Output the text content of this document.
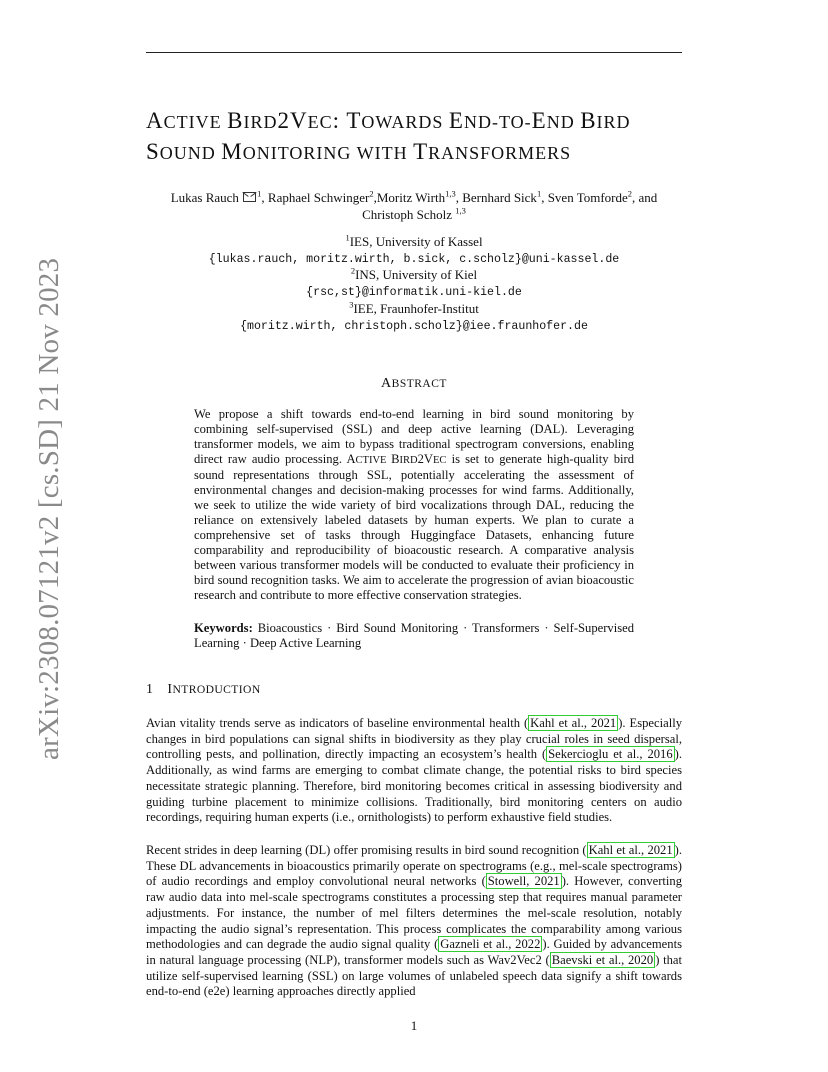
arXiv:2308.07121v2 [cs.SD] 21 Nov 2023
ACTIVE BIRD2VEC: TOWARDS END-TO-END BIRD
SOUND MONITORING WITH TRANSFORMERS
Lukas Rauch $^1$, Raphael Schwinger$^2$,Moritz Wirth$^{1,3}$, Bernhard Sick$^1$, Sven Tomforde$^2$, and
Christoph Scholz $^{1,3}$
$^1$IES, University of Kassel
{lukas.rauch, moritz.wirth, b.sick, c.scholz}@uni-kassel.de
$^2$INS, University of Kiel
{rsc,st}@informatik.uni-kiel.de
$^3$IEE, Fraunhofer-Institut
{moritz.wirth, christoph.scholz}@iee.fraunhofer.de
ABSTRACT
We propose a shift towards end-to-end learning in bird sound monitoring by combining self-supervised (SSL) and deep active learning (DAL). Leveraging transformer models, we aim to bypass traditional spectrogram conversions, enabling direct raw audio processing. ACTIVE BIRD2VEC is set to generate high-quality bird sound representations through SSL, potentially accelerating the assessment of environmental changes and decision-making processes for wind farms. Additionally, we seek to utilize the wide variety of bird vocalizations through DAL, reducing the reliance on extensively labeled datasets by human experts. We plan to curate a comprehensive set of tasks through Huggingface Datasets, enhancing future comparability and reproducibility of bioacoustic research. A comparative analysis between various transformer models will be conducted to evaluate their proficiency in bird sound recognition tasks. We aim to accelerate the progression of avian bioacoustic research and contribute to more effective conservation strategies.
Keywords: Bioacoustics · Bird Sound Monitoring · Transformers · Self-Supervised Learning · Deep Active Learning
1 INTRODUCTION
Avian vitality trends serve as indicators of baseline environmental health ( Kahl et al., 2021 ). Especially changes in bird populations can signal shifts in biodiversity as they play crucial roles in seed dispersal, controlling pests, and pollination, directly impacting an ecosystem’s health ( Sekercioglu et al., 2016 ). Additionally, as wind farms are emerging to combat climate change, the potential risks to bird species necessitate strategic planning. Therefore, bird monitoring becomes critical in assessing biodiversity and guiding turbine placement to minimize collisions. Traditionally, bird monitoring centers on audio recordings, requiring human experts (i.e., ornithologists) to perform exhaustive field studies.
Recent strides in deep learning (DL) offer promising results in bird sound recognition ( Kahl et al., 2021 ). These DL advancements in bioacoustics primarily operate on spectrograms (e.g., mel-scale spectrograms) of audio recordings and employ convolutional neural networks ( Stowell, 2021 ). However, converting raw audio data into mel-scale spectrograms constitutes a processing step that requires manual parameter adjustments. For instance, the number of mel filters determines the mel-scale resolution, notably impacting the audio signal’s representation. This process complicates the comparability among various methodologies and can degrade the audio signal quality ( Gazneli et al., 2022 ). Guided by advancements in natural language processing (NLP), transformer models such as Wav2Vec2 ( Baevski et al., 2020 ) that utilize self-supervised learning (SSL) on large volumes of unlabeled speech data signify a shift towards end-to-end (e2e) learning approaches directly applied
1
